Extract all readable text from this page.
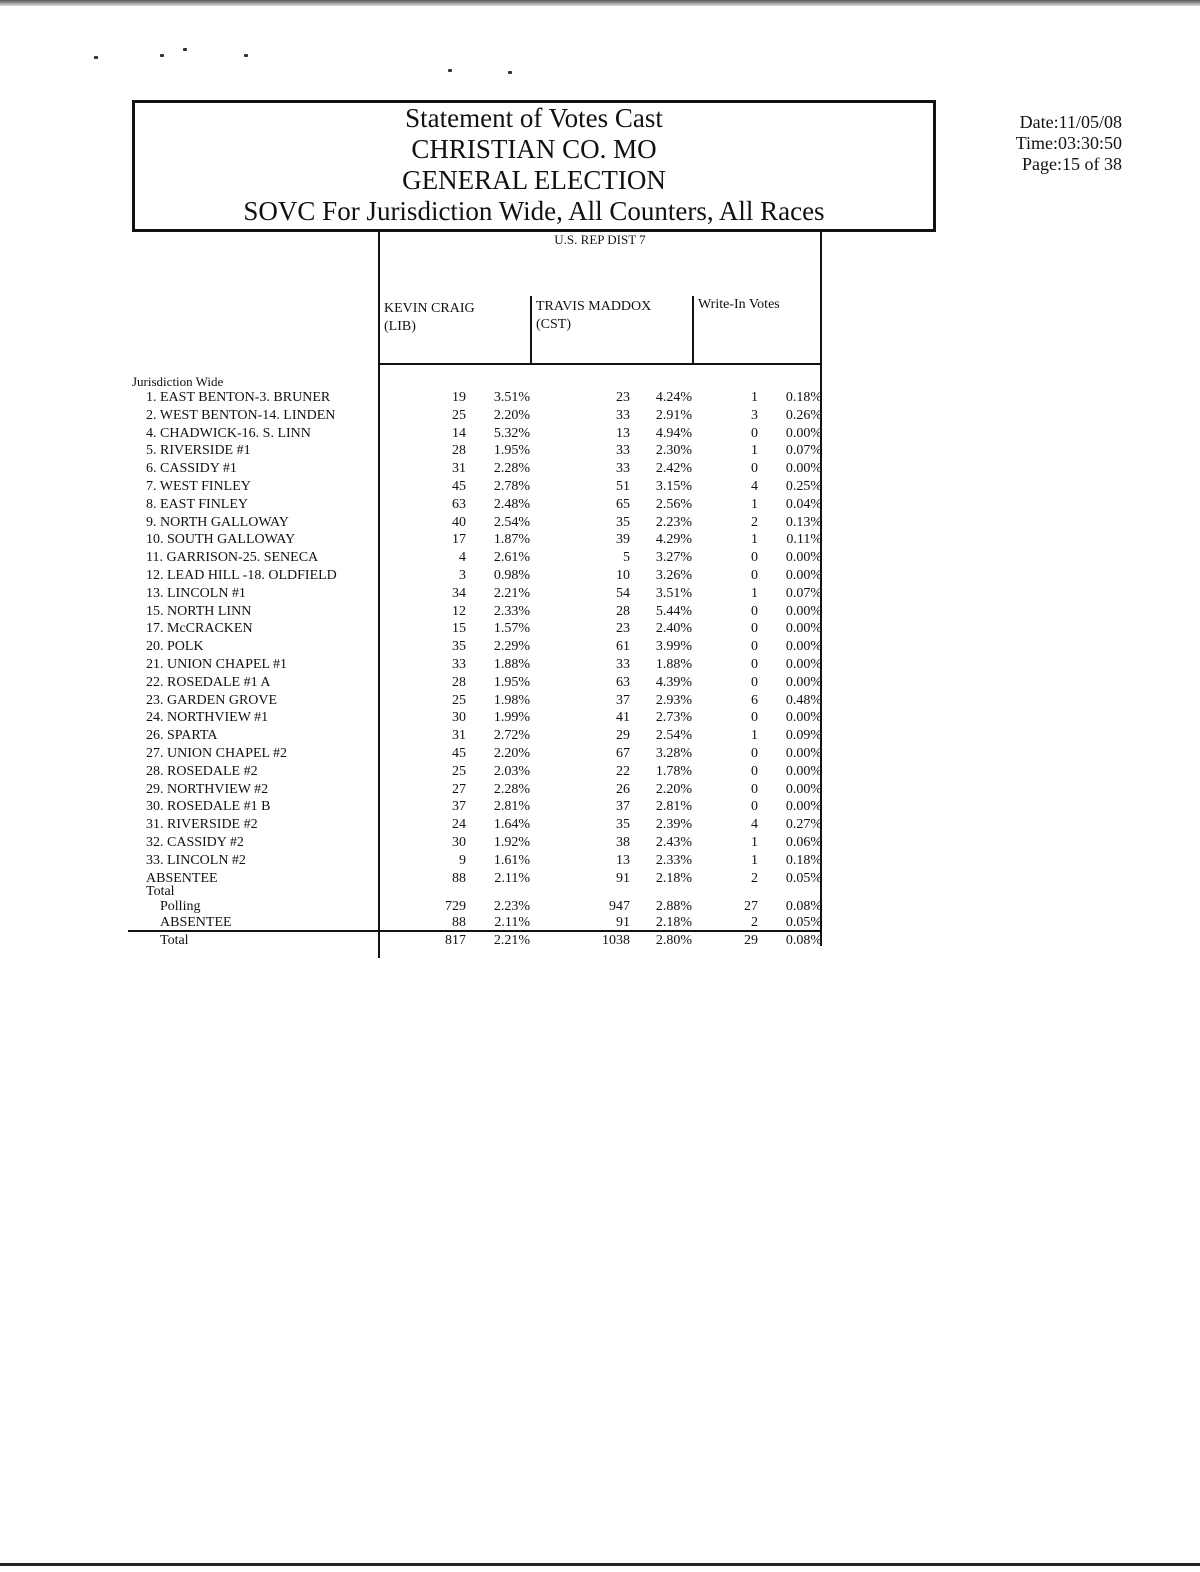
Statement of Votes Cast
CHRISTIAN CO. MO
GENERAL ELECTION
SOVC For Jurisdiction Wide, All Counters, All Races
Date:11/05/08
Time:03:30:50
Page:15 of 38
U.S. REP DIST 7
KEVIN CRAIG
(LIB)
TRAVIS MADDOX
(CST)
Write-In Votes
Jurisdiction Wide
1. EAST BENTON-3. BRUNER	19	3.51%	23	4.24%	1	0.18%
2. WEST BENTON-14. LINDEN	25	2.20%	33	2.91%	3	0.26%
4. CHADWICK-16. S. LINN	14	5.32%	13	4.94%	0	0.00%
5. RIVERSIDE #1	28	1.95%	33	2.30%	1	0.07%
6. CASSIDY #1	31	2.28%	33	2.42%	0	0.00%
7. WEST FINLEY	45	2.78%	51	3.15%	4	0.25%
8. EAST FINLEY	63	2.48%	65	2.56%	1	0.04%
9. NORTH GALLOWAY	40	2.54%	35	2.23%	2	0.13%
10. SOUTH GALLOWAY	17	1.87%	39	4.29%	1	0.11%
11. GARRISON-25. SENECA	4	2.61%	5	3.27%	0	0.00%
12. LEAD HILL -18. OLDFIELD	3	0.98%	10	3.26%	0	0.00%
13. LINCOLN #1	34	2.21%	54	3.51%	1	0.07%
15. NORTH LINN	12	2.33%	28	5.44%	0	0.00%
17. McCRACKEN	15	1.57%	23	2.40%	0	0.00%
20. POLK	35	2.29%	61	3.99%	0	0.00%
21. UNION CHAPEL #1	33	1.88%	33	1.88%	0	0.00%
22. ROSEDALE #1 A	28	1.95%	63	4.39%	0	0.00%
23. GARDEN GROVE	25	1.98%	37	2.93%	6	0.48%
24. NORTHVIEW #1	30	1.99%	41	2.73%	0	0.00%
26. SPARTA	31	2.72%	29	2.54%	1	0.09%
27. UNION CHAPEL #2	45	2.20%	67	3.28%	0	0.00%
28. ROSEDALE #2	25	2.03%	22	1.78%	0	0.00%
29. NORTHVIEW #2	27	2.28%	26	2.20%	0	0.00%
30. ROSEDALE #1 B	37	2.81%	37	2.81%	0	0.00%
31. RIVERSIDE #2	24	1.64%	35	2.39%	4	0.27%
32. CASSIDY #2	30	1.92%	38	2.43%	1	0.06%
33. LINCOLN #2	9	1.61%	13	2.33%	1	0.18%
ABSENTEE	88	2.11%	91	2.18%	2	0.05%
Polling	729	2.23%	947	2.88%	27	0.08%
ABSENTEE	88	2.11%	91	2.18%	2	0.05%
Total	817	2.21%	1038	2.80%	29	0.08%
Total
